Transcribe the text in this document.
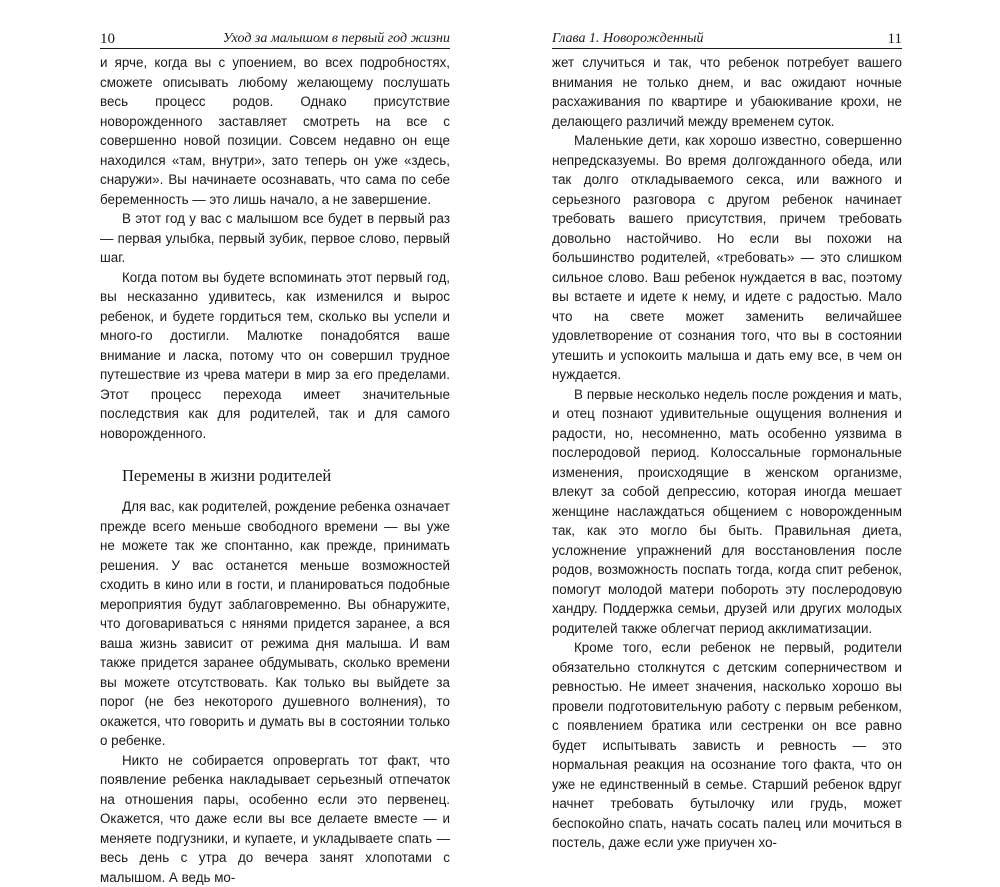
10	Уход за малышом в первый год жизни

и ярче, когда вы с упоением, во всех подробностях, сможете описывать любому желающему послушать весь процесс родов. Однако присутствие новорожденного заставляет смотреть на все с совершенно новой позиции. Совсем недавно он еще находился «там, внутри», зато теперь он уже «здесь, снаружи». Вы начинаете осознавать, что сама по себе беременность — это лишь начало, а не завершение.

В этот год у вас с малышом все будет в первый раз — первая улыбка, первый зубик, первое слово, первый шаг.

Когда потом вы будете вспоминать этот первый год, вы несказанно удивитесь, как изменился и вырос ребенок, и будете гордиться тем, сколько вы успели и много-го достигли. Малютке понадобятся ваше внимание и ласка, потому что он совершил трудное путешествие из чрева матери в мир за его пределами. Этот процесс перехода имеет значительные последствия как для родителей, так и для самого новорожденного.

Перемены в жизни родителей

Для вас, как родителей, рождение ребенка означает прежде всего меньше свободного времени — вы уже не можете так же спонтанно, как прежде, принимать решения. У вас останется меньше возможностей сходить в кино или в гости, и планироваться подобные мероприятия будут заблаговременно. Вы обнаружите, что договариваться с нянями придется заранее, а вся ваша жизнь зависит от режима дня малыша. И вам также придется заранее обдумывать, сколько времени вы можете отсутствовать. Как только вы выйдете за порог (не без некоторого душевного волнения), то окажется, что говорить и думать вы в состоянии только о ребенке.

Никто не собирается опровергать тот факт, что появление ребенка накладывает серьезный отпечаток на отношения пары, особенно если это первенец. Окажется, что даже если вы все делаете вместе — и меняете подгузники, и купаете, и укладываете спать — весь день с утра до вечера занят хлопотами с малышом. А ведь мо-

Глава 1. Новорожденный	11

жет случиться и так, что ребенок потребует вашего внимания не только днем, и вас ожидают ночные расхаживания по квартире и убаюкивание крохи, не делающего различий между временем суток.

Маленькие дети, как хорошо известно, совершенно непредсказуемы. Во время долгожданного обеда, или так долго откладываемого секса, или важного и серьезного разговора с другом ребенок начинает требовать вашего присутствия, причем требовать довольно настойчиво. Но если вы похожи на большинство родителей, «требовать» — это слишком сильное слово. Ваш ребенок нуждается в вас, поэтому вы встаете и идете к нему, и идете с радостью. Мало что на свете может заменить величайшее удовлетворение от сознания того, что вы в состоянии утешить и успокоить малыша и дать ему все, в чем он нуждается.

В первые несколько недель после рождения и мать, и отец познают удивительные ощущения волнения и радости, но, несомненно, мать особенно уязвима в послеродовой период. Колоссальные гормональные изменения, происходящие в женском организме, влекут за собой депрессию, которая иногда мешает женщине наслаждаться общением с новорожденным так, как это могло бы быть. Правильная диета, усложнение упражнений для восстановления после родов, возможность поспать тогда, когда спит ребенок, помогут молодой матери побороть эту послеродовую хандру. Поддержка семьи, друзей или других молодых родителей также облегчат период акклиматизации.

Кроме того, если ребенок не первый, родители обязательно столкнутся с детским соперничеством и ревностью. Не имеет значения, насколько хорошо вы провели подготовительную работу с первым ребенком, с появлением братика или сестренки он все равно будет испытывать зависть и ревность — это нормальная реакция на осознание того факта, что он уже не единственный в семье. Старший ребенок вдруг начнет требовать бутылочку или грудь, может беспокойно спать, начать сосать палец или мочиться в постель, даже если уже приучен хо-
